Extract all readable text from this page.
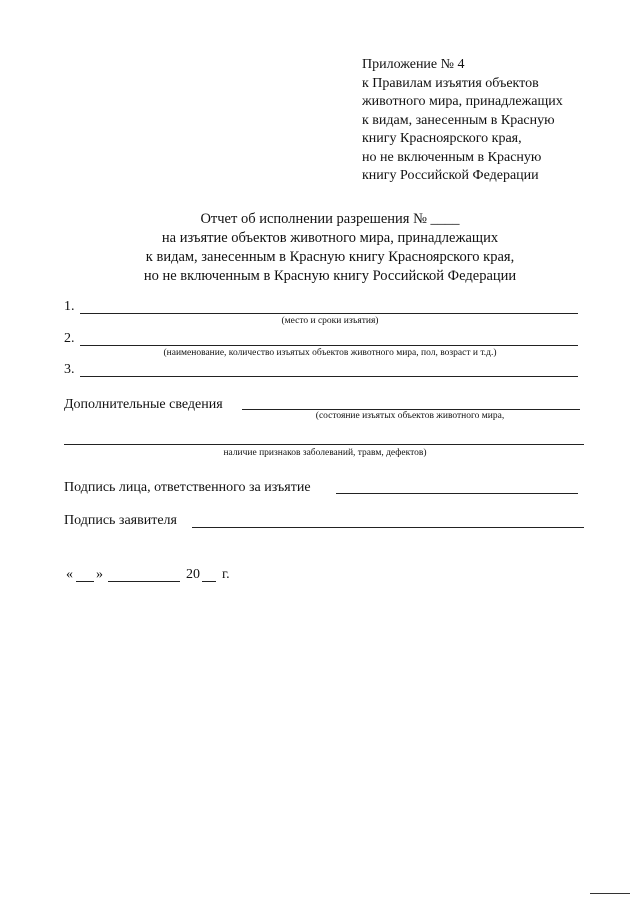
Приложение № 4
к Правилам изъятия объектов
животного мира, принадлежащих
к видам, занесенным в Красную
книгу Красноярского края,
но не включенным в Красную
книгу Российской Федерации
Отчет об исполнении разрешения № ____
на изъятие объектов животного мира, принадлежащих
к видам, занесенным в Красную книгу Красноярского края,
но не включенным в Красную книгу Российской Федерации
1.
(место и сроки изъятия)
2.
(наименование, количество изъятых объектов животного мира, пол, возраст и т.д.)
3.
Дополнительные сведения
(состояние изъятых объектов животного мира,
наличие признаков заболеваний, травм, дефектов)
Подпись лица, ответственного за изъятие
Подпись заявителя
« »	20 г.
